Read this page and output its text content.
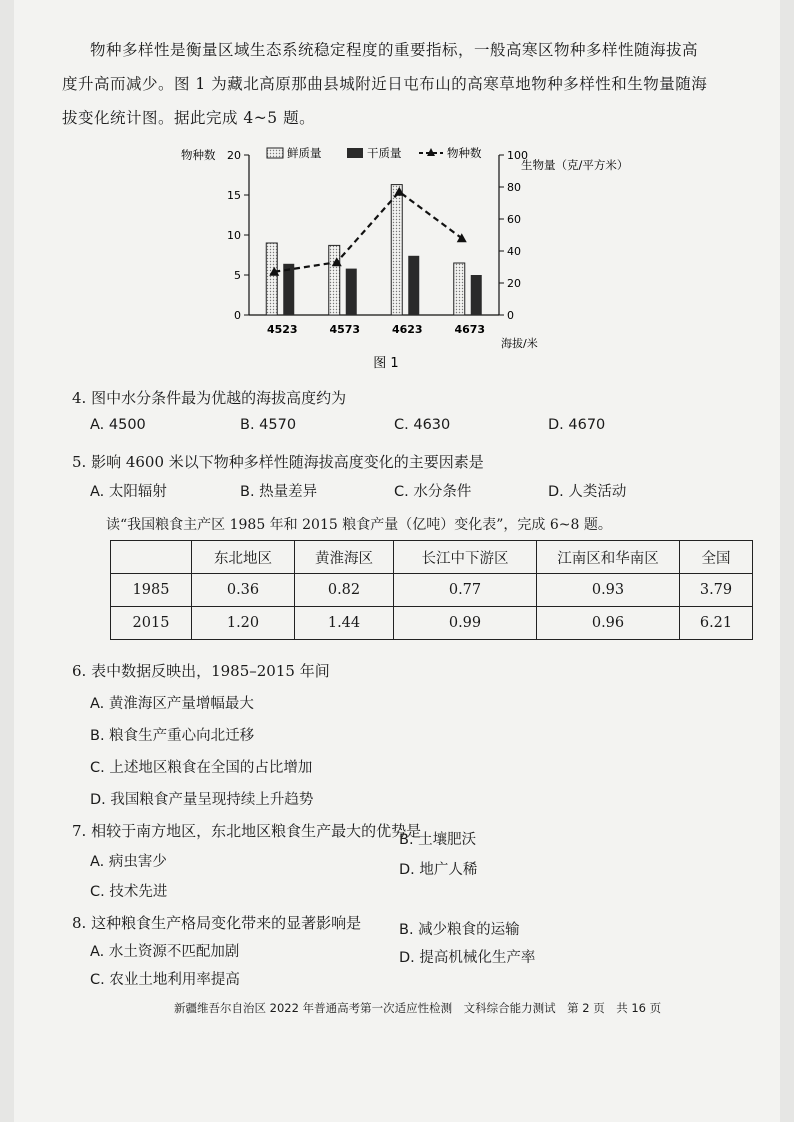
物种多样性是衡量区域生态系统稳定程度的重要指标，一般高寒区物种多样性随海拔高
度升高而减少。图 1 为藏北高原那曲县城附近日屯布山的高寒草地物种多样性和生物量随海
拔变化统计图。据此完成 4~5 题。
0
5
10
15
20
0
20
40
60
80
100
物种数
生物量（克/平方米）
海拔/米
4523	4573	4623	4673
鲜质量	干质量	物种数
图 1
4. 图中水分条件最为优越的海拔高度约为
A. 4500	B. 4570	C. 4630	D. 4670
5. 影响 4600 米以下物种多样性随海拔高度变化的主要因素是
A. 太阳辐射	B. 热量差异	C. 水分条件	D. 人类活动
读“我国粮食主产区 1985 年和 2015 粮食产量（亿吨）变化表”，完成 6~8 题。
	东北地区	黄淮海区	长江中下游区	江南区和华南区	全国
1985	0.36	0.82	0.77	0.93	3.79
2015	1.20	1.44	0.99	0.96	6.21
6. 表中数据反映出，1985–2015 年间
A. 黄淮海区产量增幅最大
B. 粮食生产重心向北迁移
C. 上述地区粮食在全国的占比增加
D. 我国粮食产量呈现持续上升趋势
7. 相较于南方地区，东北地区粮食生产最大的优势是
B. 土壤肥沃
A. 病虫害少	D. 地广人稀
C. 技术先进
8. 这种粮食生产格局变化带来的显著影响是	B. 减少粮食的运输
A. 水土资源不匹配加剧	D. 提高机械化生产率
C. 农业土地利用率提高
新疆维吾尔自治区 2022 年普通高考第一次适应性检测　文科综合能力测试　第 2 页　共 16 页
